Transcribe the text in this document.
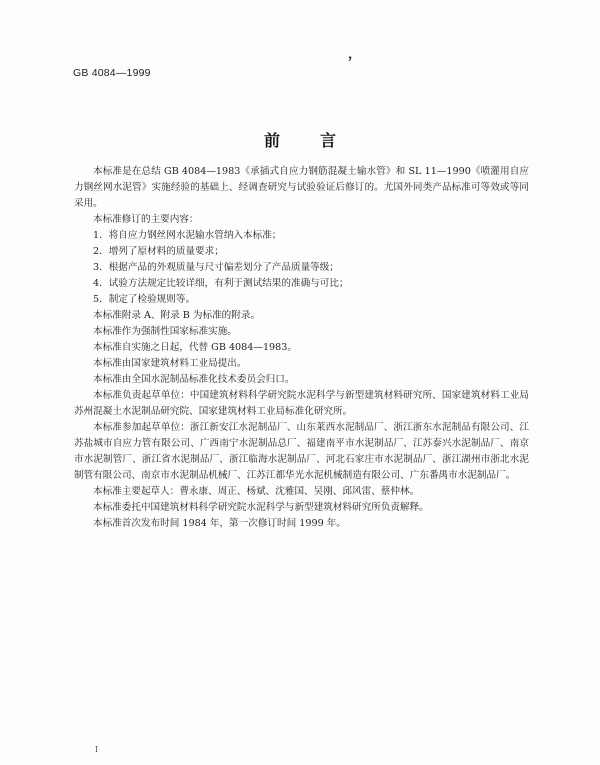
，
GB 4084—1999
前言

本标准是在总结 GB 4084—1983《承插式自应力钢筋混凝土输水管》和 SL 11—1990《喷灌用自应力钢丝网水泥管》实施经验的基础上、经调查研究与试验验证后修订的。尤国外同类产品标准可等效或等同采用。

本标准修订的主要内容：

1．将自应力钢丝网水泥输水管纳入本标准；

2．增列了原材料的质量要求；

3．根据产品的外观质量与尺寸偏差划分了产品质量等级；

4．试验方法规定比较详细，有利于测试结果的准确与可比；

5．制定了检验规则等。

本标准附录 A、附录 B 为标准的附录。

本标准作为强制性国家标准实施。

本标准自实施之日起，代替 GB 4084—1983。

本标准由国家建筑材料工业局提出。

本标准由全国水泥制品标准化技术委员会归口。

本标准负责起草单位：中国建筑材料科学研究院水泥科学与新型建筑材料研究所、国家建筑材料工业局苏州混凝土水泥制品研究院、国家建筑材料工业局标准化研究所。

本标准参加起草单位：浙江新安江水泥制品厂、山东莱西水泥制品厂、浙江浙东水泥制品有限公司、江苏盐城市自应力管有限公司、广西南宁水泥制品总厂、福建南平市水泥制品厂、江苏泰兴水泥制品厂、南京市水泥制管厂、浙江省水泥制品厂、浙江临海水泥制品厂、河北石家庄市水泥制品厂、浙江湖州市浙北水泥制管有限公司、南京市水泥制品机械厂、江苏江都华光水泥机械制造有限公司、广东番禺市水泥制品厂。

本标准主要起草人：曹永康、周正、杨斌、沈雅国、吴刚、邱风雷、蔡仲林。

本标准委托中国建筑材料科学研究院水泥科学与新型建筑材料研究所负责解释。

本标准首次发布时间 1984 年，第一次修订时间 1999 年。

I
